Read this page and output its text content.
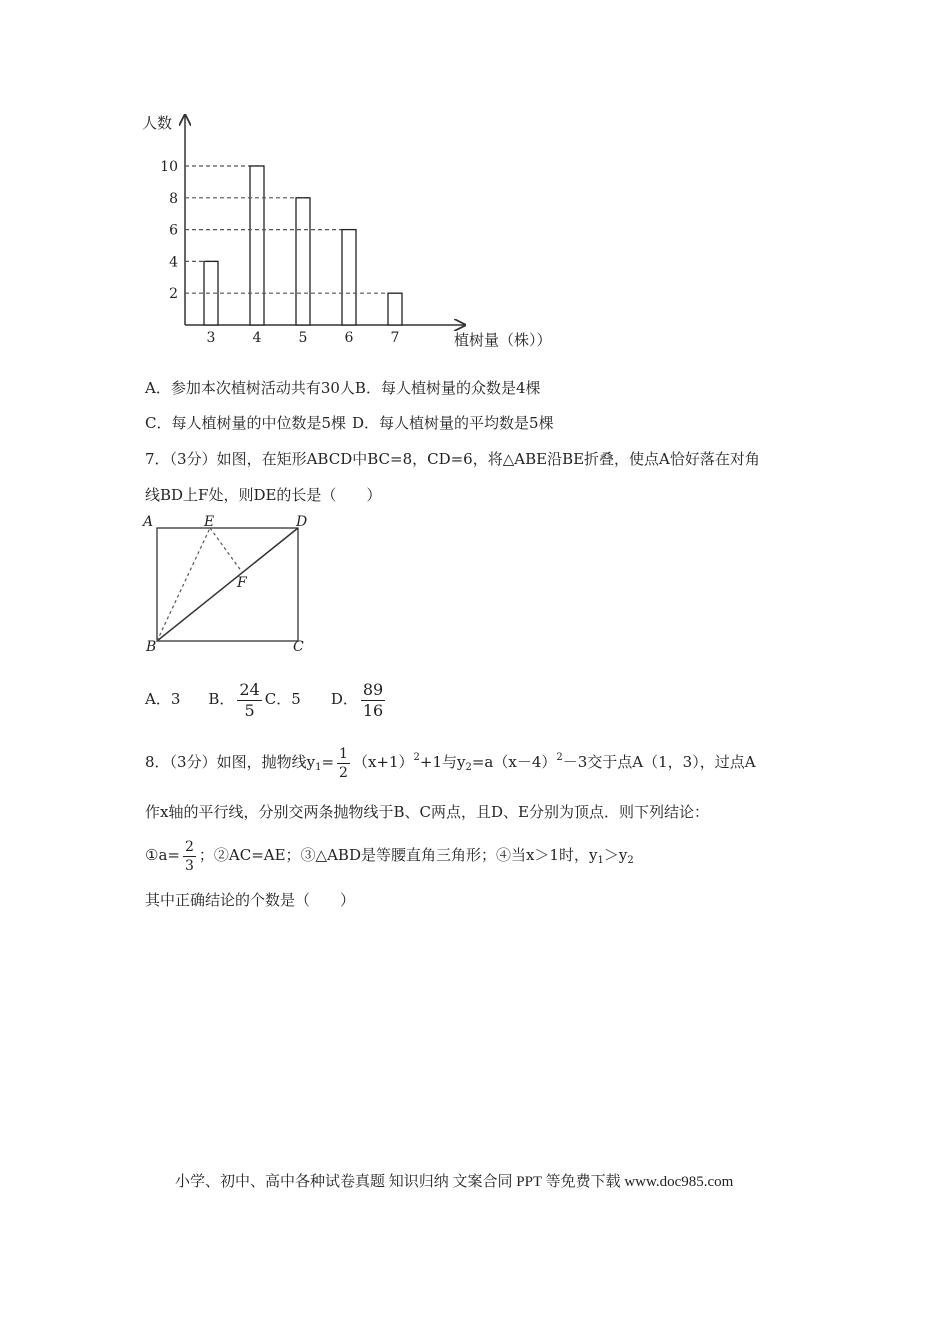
人数
植树量（株））
2
4
6
8
10
3	4	5	6	7
A．参加本次植树活动共有30人B．每人植树量的众数是4棵
C．每人植树量的中位数是5棵 D．每人植树量的平均数是5棵
7．（3分）如图，在矩形ABCD中BC=8，CD=6，将△ABE沿BE折叠，使点A恰好落在对角
线BD上F处，则DE的长是（　　）
A	E	D
F
B	C
A．3 B． $\frac{24}{5}$ C．5 D． $\frac{89}{16}$
8．（3分）如图，抛物线$y_1= \frac{1}{2} (x+1)^2+1$与$y_2=a(x-4)^2-3$交于点A（1，3），过点A
作x轴的平行线，分别交两条抛物线于B、C两点，且D、E分别为顶点．则下列结论：
①a= $\frac{2}{3}$ ；②AC=AE；③△ABD是等腰直角三角形；④当x＞1时，$y_1>y_2$
其中正确结论的个数是（　　）
小学、初中、高中各种试卷真题 知识归纳 文案合同 PPT 等免费下载 www.doc985.com
